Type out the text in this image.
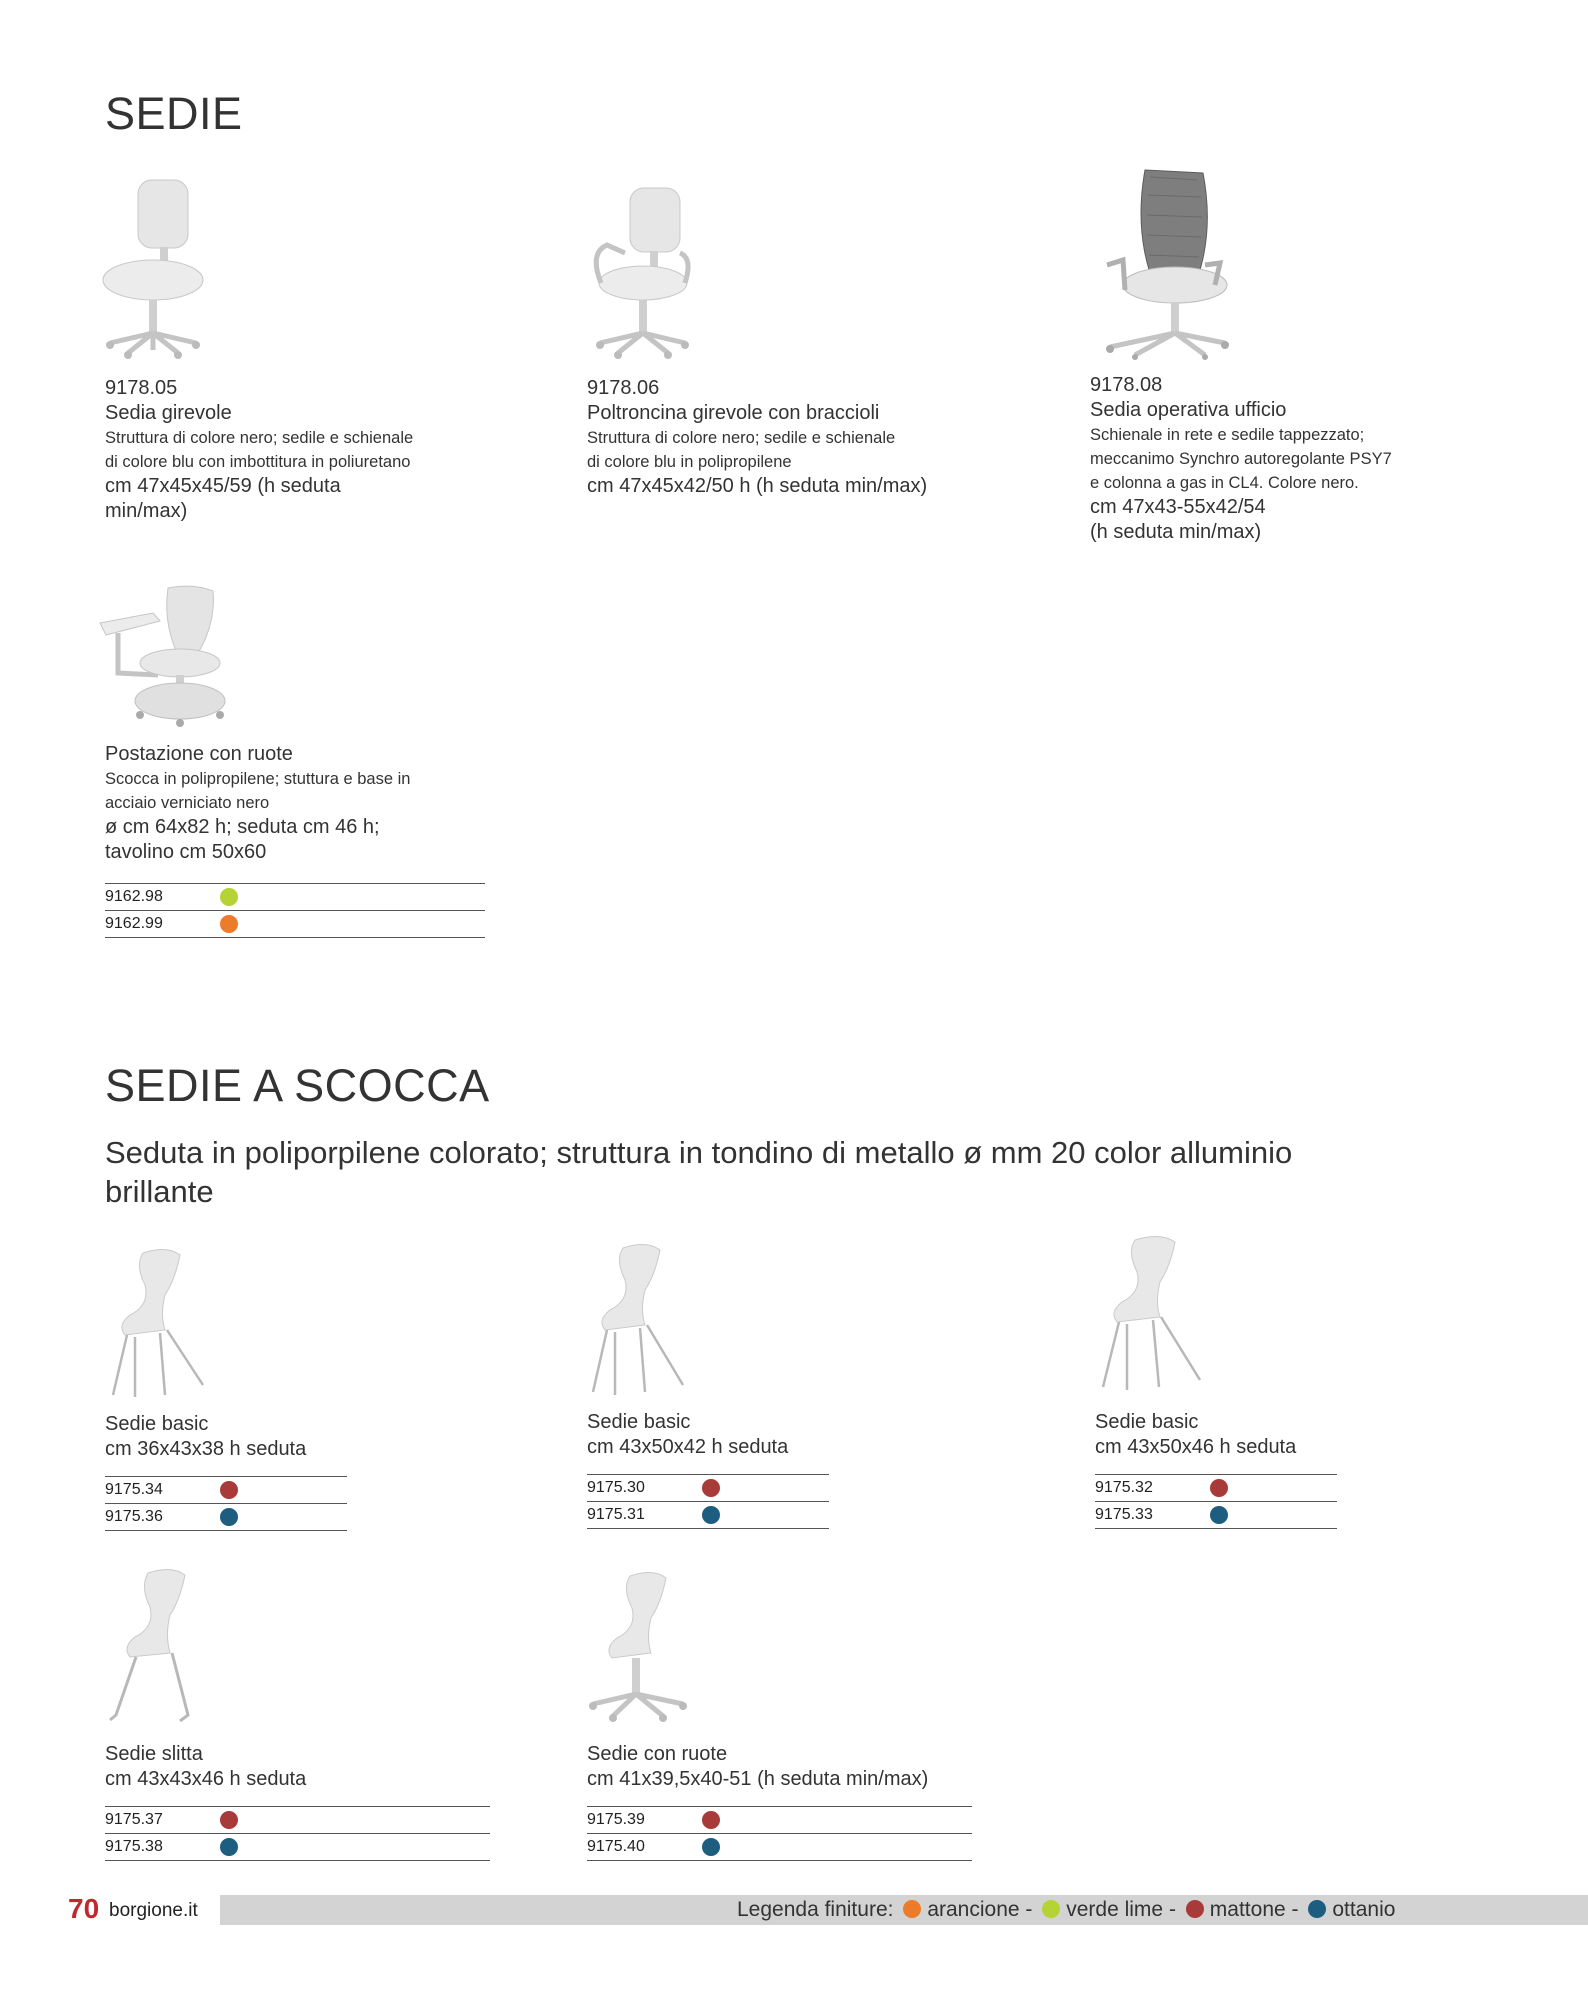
SEDIE
9178.05
Sedia girevole
Struttura di colore nero; sedile e schienale
di colore blu con imbottitura in poliuretano
cm 47x45x45/59 (h seduta
min/max)
9178.06
Poltroncina girevole con braccioli
Struttura di colore nero; sedile e schienale
di colore blu in polipropilene
cm 47x45x42/50 h (h seduta min/max)
9178.08
Sedia operativa ufficio
Schienale in rete e sedile tappezzato;
meccanimo Synchro autoregolante PSY7
e colonna a gas in CL4. Colore nero.
cm 47x43-55x42/54
(h seduta min/max)
Postazione con ruote
Scocca in polipropilene; stuttura e base in
acciaio verniciato nero
ø cm 64x82 h; seduta cm 46 h;
tavolino cm 50x60
9162.98
9162.99
SEDIE A SCOCCA
Seduta in poliporpilene colorato; struttura in tondino di metallo ø mm 20 color alluminio
brillante
Sedie basic
cm 36x43x38 h seduta
9175.34
9175.36
Sedie basic
cm 43x50x42 h seduta
9175.30
9175.31
Sedie basic
cm 43x50x46 h seduta
9175.32
9175.33
Sedie slitta
cm 43x43x46 h seduta
9175.37
9175.38
Sedie con ruote
cm 41x39,5x40-51 (h seduta min/max)
9175.39
9175.40
70 borgione.it	Legenda finiture: arancione - verde lime - mattone - ottanio
